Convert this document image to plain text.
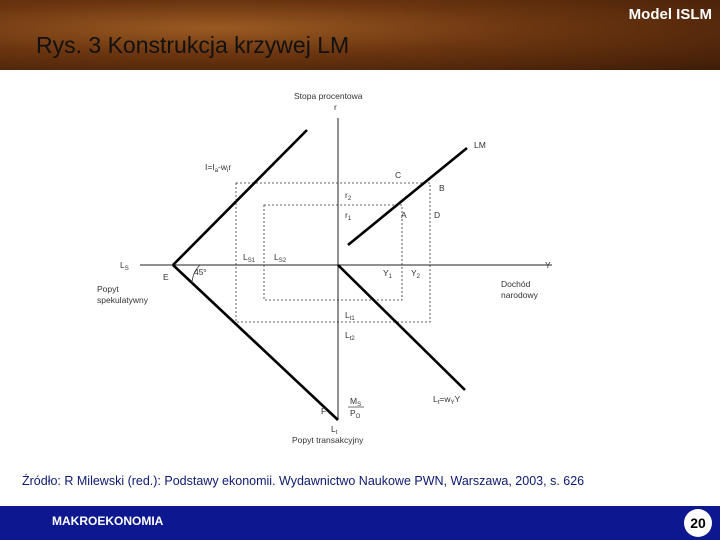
Model ISLM
Rys. 3 Konstrukcja krzywej LM
Stopa procentowa
r
LM
$I=I_a-w_ir$
C
B
$r_2$
$r_1$	A	D
$L_S$
$L_{S1}$ $L_{S2}$	Y
E	45$^o$	$Y_1$ $Y_2$
Popyt
spekulatywny
Dochód
narodowy
$L_{t1}$
$L_{t2}$
$L_t=w_YY$
$M_S$
$P_O$
F
$L_t$
Popyt transakcyjny
Źródło: R Milewski (red.): Podstawy ekonomii. Wydawnictwo Naukowe PWN, Warszawa, 2003, s. 626
MAKROEKONOMIA	20
